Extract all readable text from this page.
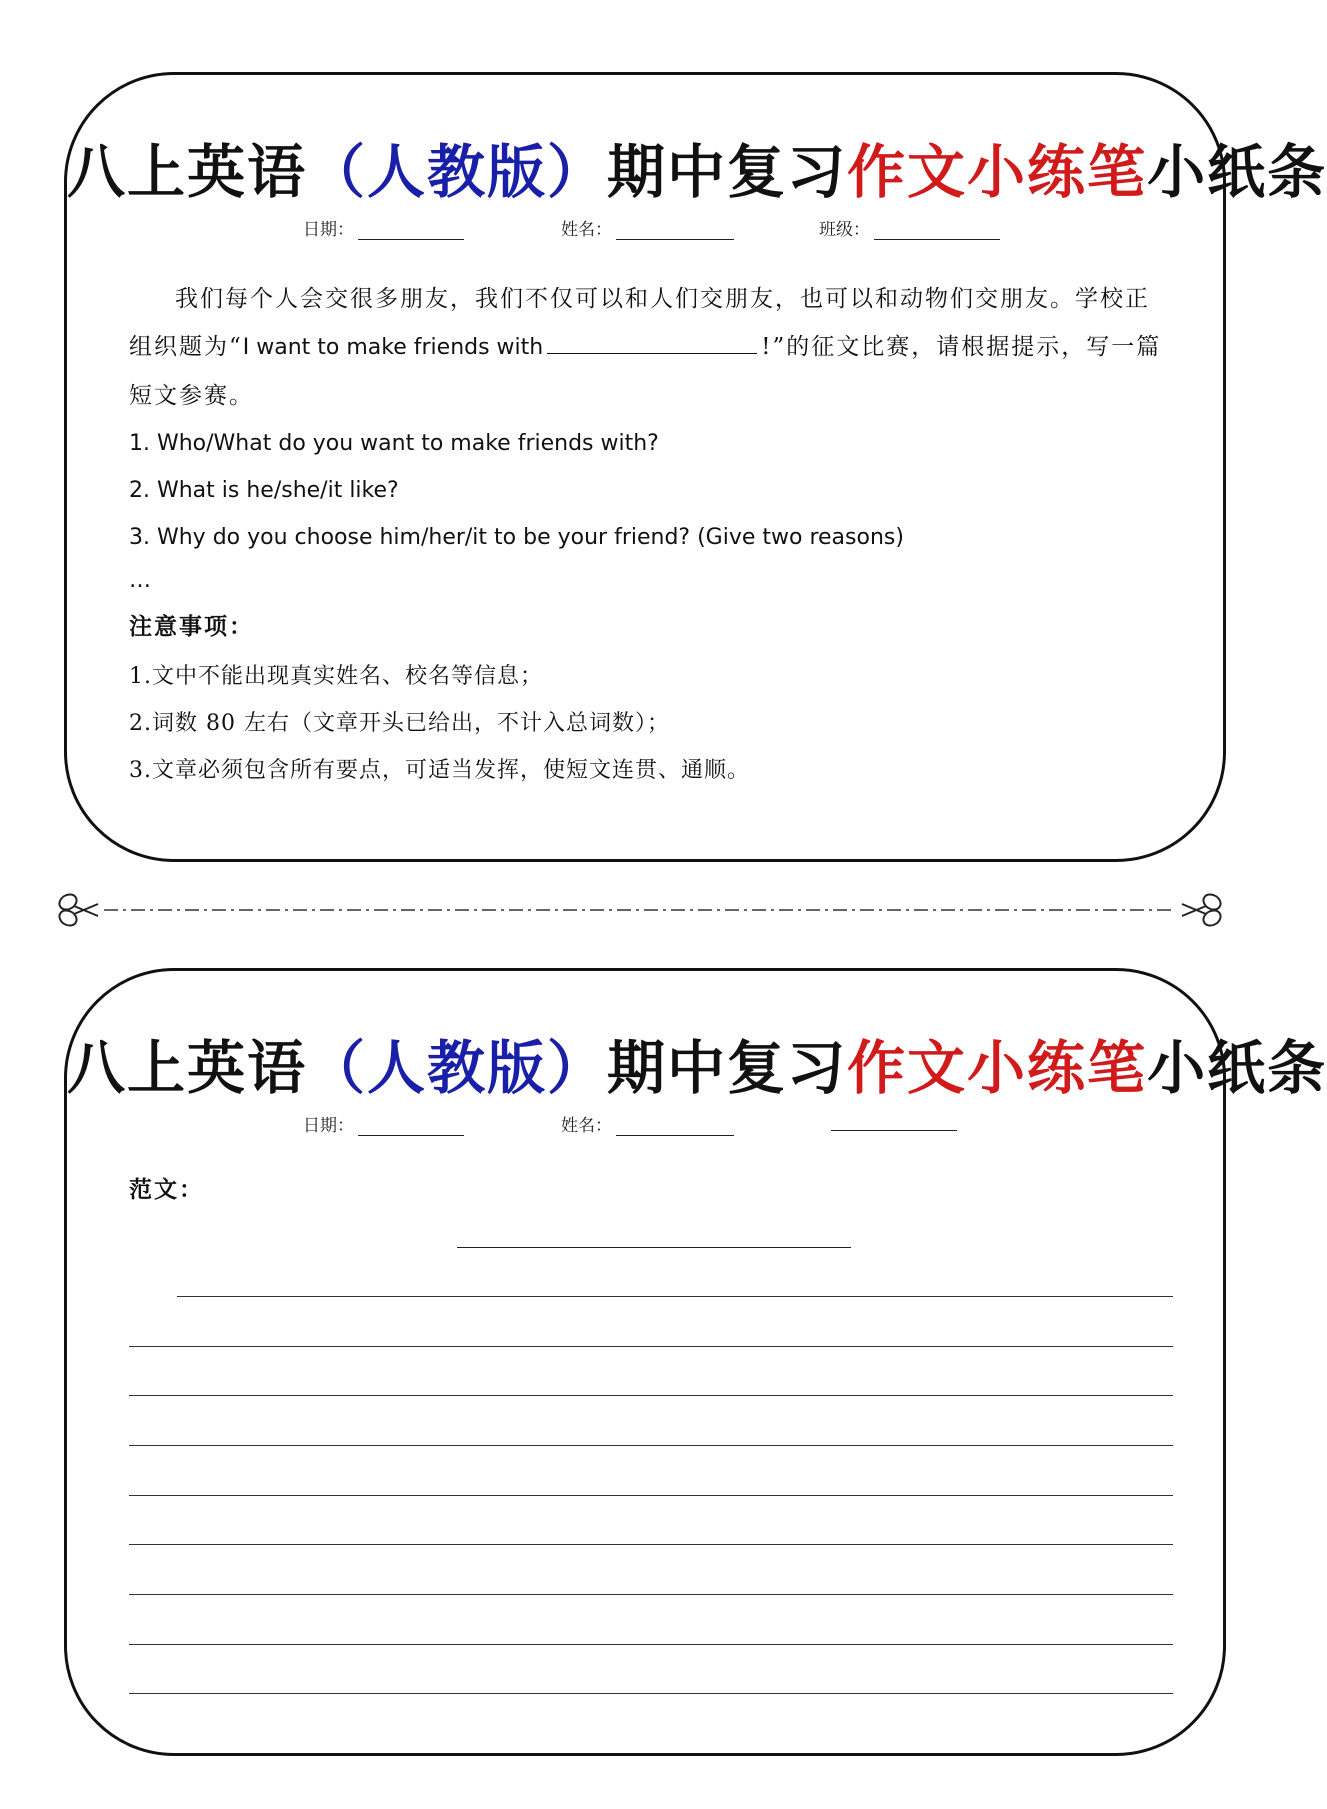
八上英语（人教版）期中复习作文小练笔小纸条
日期：	姓名：	班级：

我们每个人会交很多朋友，我们不仅可以和人们交朋友，也可以和动物们交朋友。学校正组织题为“I want to make friends with	!”的征文比赛，请根据提示，写一篇短文参赛。

1. Who/What do you want to make friends with?

2. What is he/she/it like?

3. Why do you choose him/her/it to be your friend? (Give two reasons)

…

注意事项：

1.文中不能出现真实姓名、校名等信息；

2.词数 80 左右（文章开头已给出，不计入总词数）；

3.文章必须包含所有要点，可适当发挥，使短文连贯、通顺。

八上英语（人教版）期中复习作文小练笔小纸条
日期：	姓名：
范文：
